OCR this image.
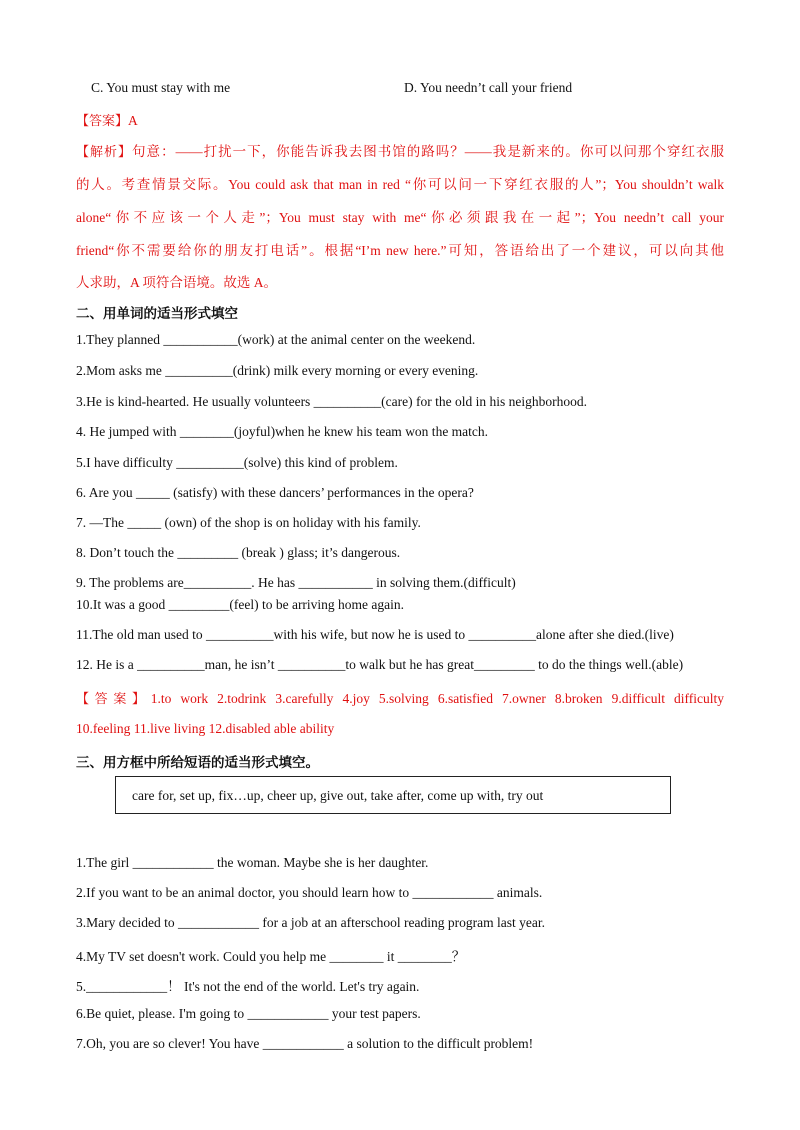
C. You must stay with me	D. You needn’t call your friend
【答案】A
【解析】句意：——打扰一下，你能告诉我去图书馆的路吗？——我是新来的。你可以问那个穿红衣服
的人。考查情景交际。You could ask that man in red “你可以问一下穿红衣服的人”；You shouldn’t walk
alone“你不应该一个人走”；You must stay with me“你必须跟我在一起”；You needn’t call your
friend“你不需要给你的朋友打电话”。根据“I’m new here.”可知，答语给出了一个建议，可以向其他
人求助，A 项符合语境。故选 A。
二、用单词的适当形式填空
1.They planned ___________(work) at the animal center on the weekend.
2.Mom asks me __________(drink) milk every morning or every evening.
3.He is kind-hearted. He usually volunteers __________(care) for the old in his neighborhood.
4. He jumped with ________(joyful)when he knew his team won the match.
5.I have difficulty __________(solve) this kind of problem.
6. Are you _____ (satisfy) with these dancers’ performances in the opera?
7. —The _____ (own) of the shop is on holiday with his family.
8. Don’t touch the _________ (break ) glass; it’s dangerous.
9. The problems are__________. He has ___________ in solving them.(difficult)
10.It was a good _________(feel) to be arriving home again.
11.The old man used to __________with his wife, but now he is used to __________alone after she died.(live)
12. He is a __________man, he isn’t __________to walk but he has great_________ to do the things well.(able)
【答案】1.to work 2.todrink 3.carefully 4.joy 5.solving 6.satisfied 7.owner 8.broken 9.difficult difficulty
10.feeling 11.live living 12.disabled able ability
三、用方框中所给短语的适当形式填空。
care for, set up, fix…up, cheer up, give out, take after, come up with, try out
1.The girl ____________ the woman. Maybe she is her daughter.
2.If you want to be an animal doctor, you should learn how to ____________ animals.
3.Mary decided to ____________ for a job at an afterschool reading program last year.
4.My TV set doesn't work. Could you help me ________ it ________？
5.____________！ It's not the end of the world. Let's try again.
6.Be quiet, please. I'm going to ____________ your test papers.
7.Oh, you are so clever! You have ____________ a solution to the difficult problem!
